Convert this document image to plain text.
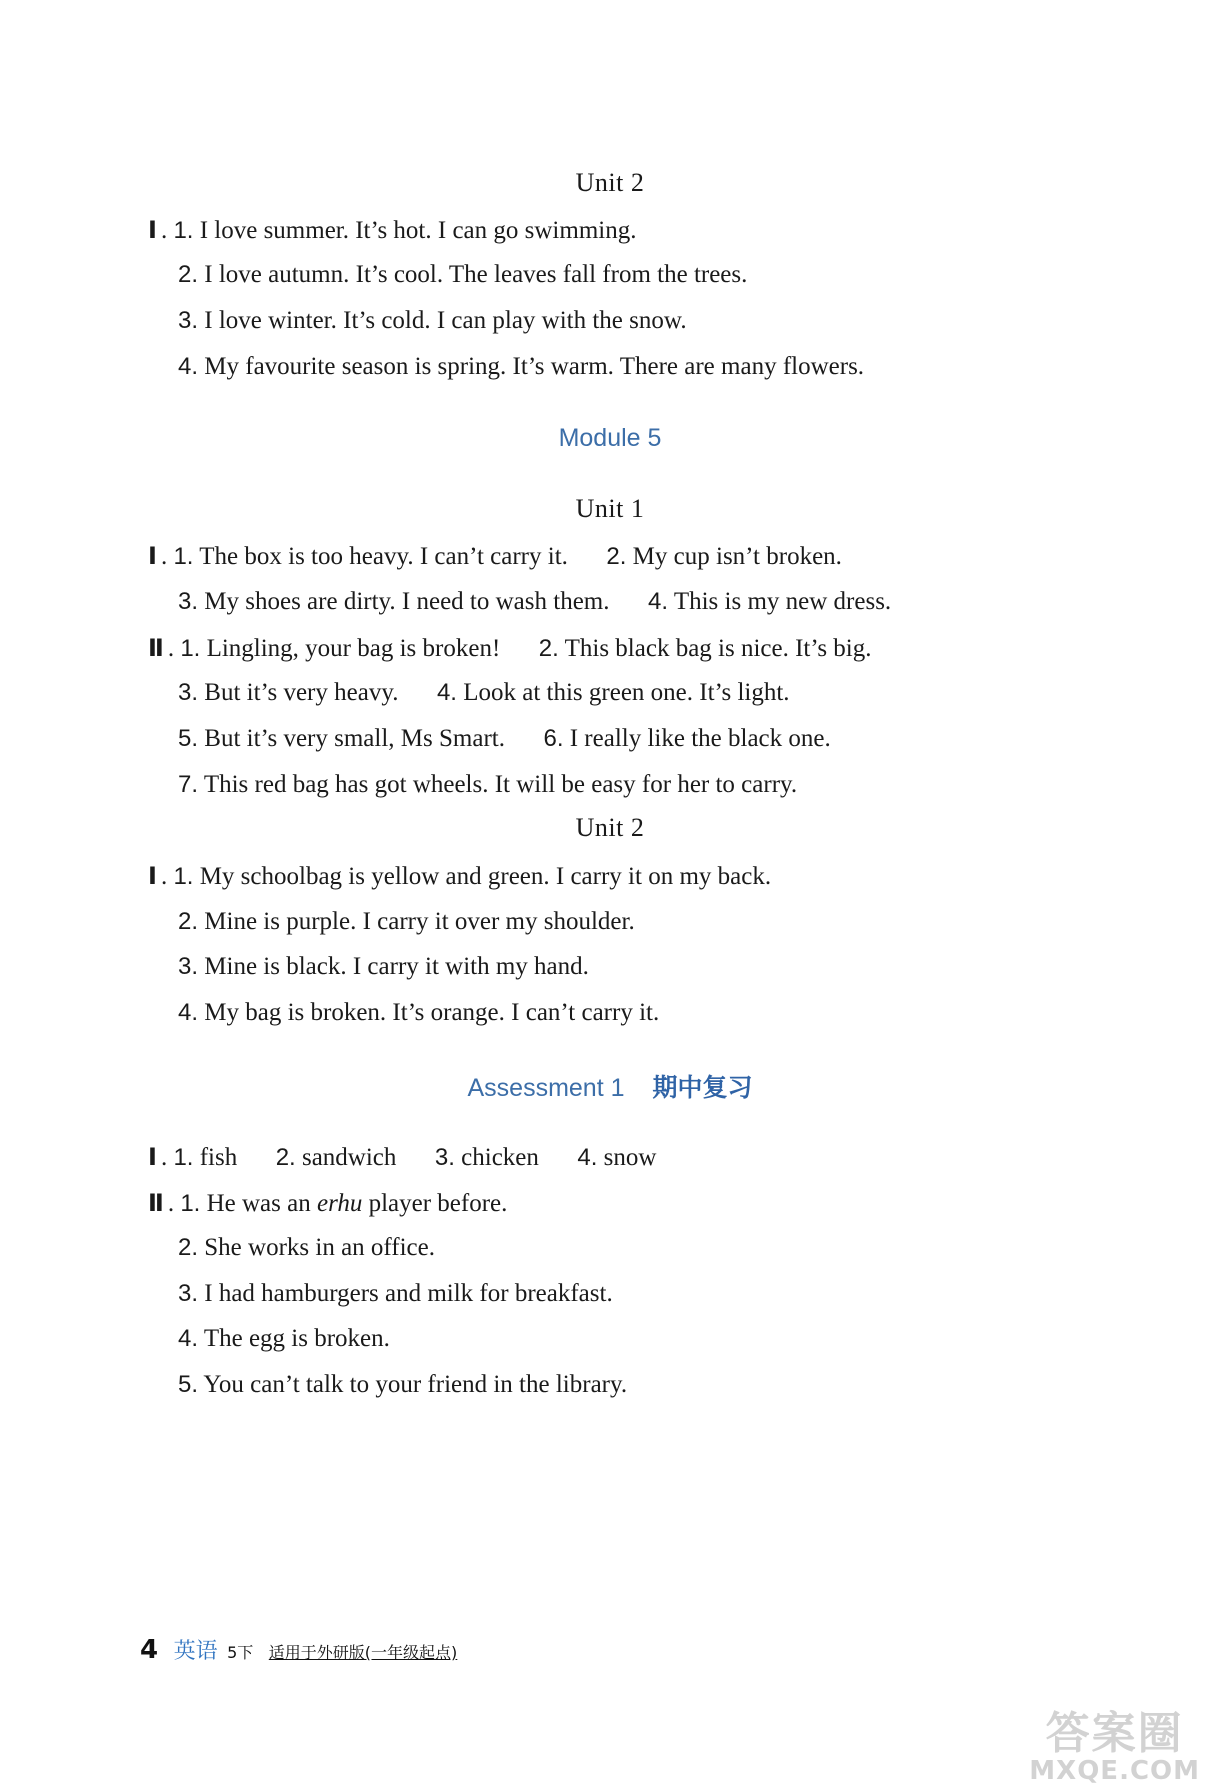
Unit 2
Ⅰ . 1. I love summer. It’s hot. I can go swimming.
2. I love autumn. It’s cool. The leaves fall from the trees.
3. I love winter. It’s cold. I can play with the snow.
4. My favourite season is spring. It’s warm. There are many flowers.
Module 5
Unit 1
Ⅰ . 1. The box is too heavy. I can’t carry it. 2. My cup isn’t broken.
3. My shoes are dirty. I need to wash them. 4. This is my new dress.
Ⅱ . 1. Lingling, your bag is broken! 2. This black bag is nice. It’s big.
3. But it’s very heavy. 4. Look at this green one. It’s light.
5. But it’s very small, Ms Smart. 6. I really like the black one.
7. This red bag has got wheels. It will be easy for her to carry.
Unit 2
Ⅰ . 1. My schoolbag is yellow and green. I carry it on my back.
2. Mine is purple. I carry it over my shoulder.
3. Mine is black. I carry it with my hand.
4. My bag is broken. It’s orange. I can’t carry it.
Assessment 1 期中复习
Ⅰ . 1. fish 2. sandwich 3. chicken 4. snow
Ⅱ . 1. He was an erhu player before.
2. She works in an office.
3. I had hamburgers and milk for breakfast.
4. The egg is broken.
5. You can’t talk to your friend in the library.
4 英语 5下 适用于外研版(一年级起点)
答案圈
MXQE.COM
